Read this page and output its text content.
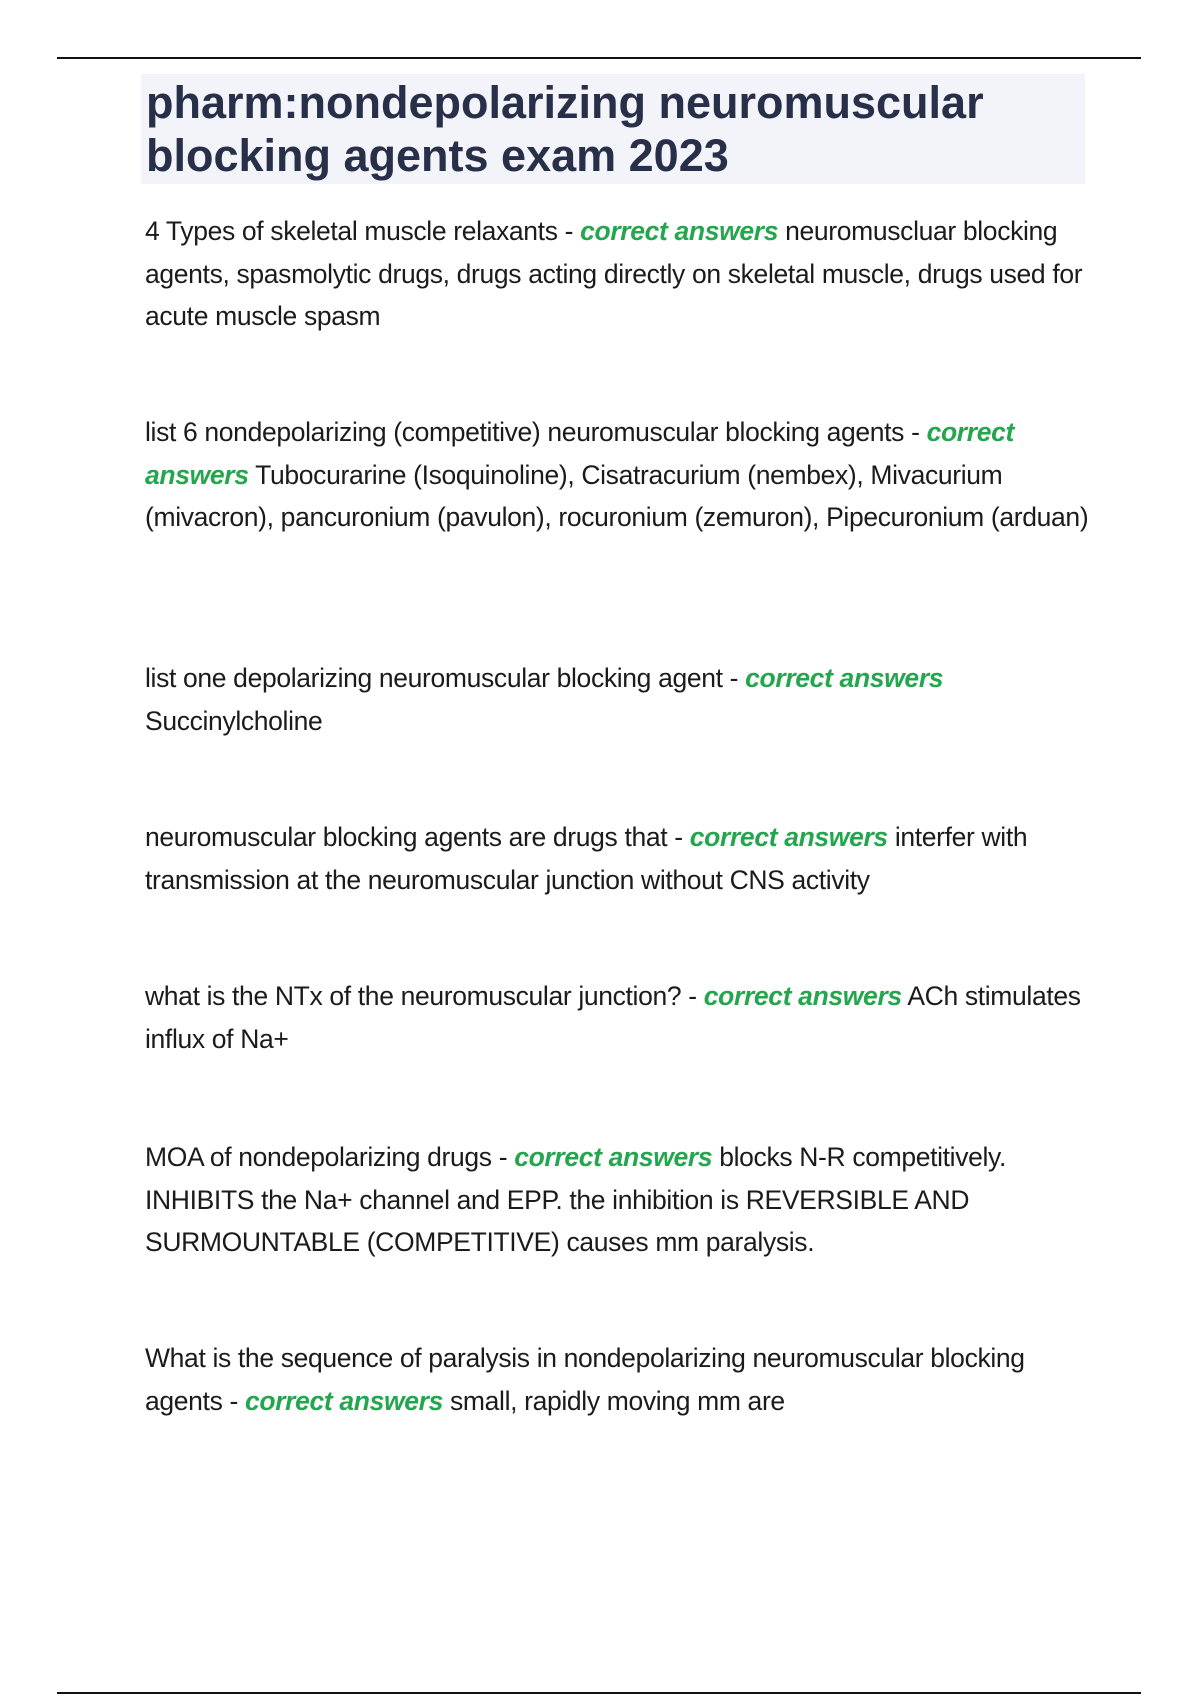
pharm:nondepolarizing neuromuscular blocking agents exam 2023

4 Types of skeletal muscle relaxants - correct answers neuromuscluar blocking agents, spasmolytic drugs, drugs acting directly on skeletal muscle, drugs used for acute muscle spasm

list 6 nondepolarizing (competitive) neuromuscular blocking agents - correct answers Tubocurarine (Isoquinoline), Cisatracurium (nembex), Mivacurium (mivacron), pancuronium (pavulon), rocuronium (zemuron), Pipecuronium (arduan)

list one depolarizing neuromuscular blocking agent - correct answers Succinylcholine

neuromuscular blocking agents are drugs that - correct answers interfer with transmission at the neuromuscular junction without CNS activity

what is the NTx of the neuromuscular junction? - correct answers ACh stimulates influx of Na+

MOA of nondepolarizing drugs - correct answers blocks N-R competitively. INHIBITS the Na+ channel and EPP. the inhibition is REVERSIBLE AND SURMOUNTABLE (COMPETITIVE) causes mm paralysis.

What is the sequence of paralysis in nondepolarizing neuromuscular blocking agents - correct answers small, rapidly moving mm are
